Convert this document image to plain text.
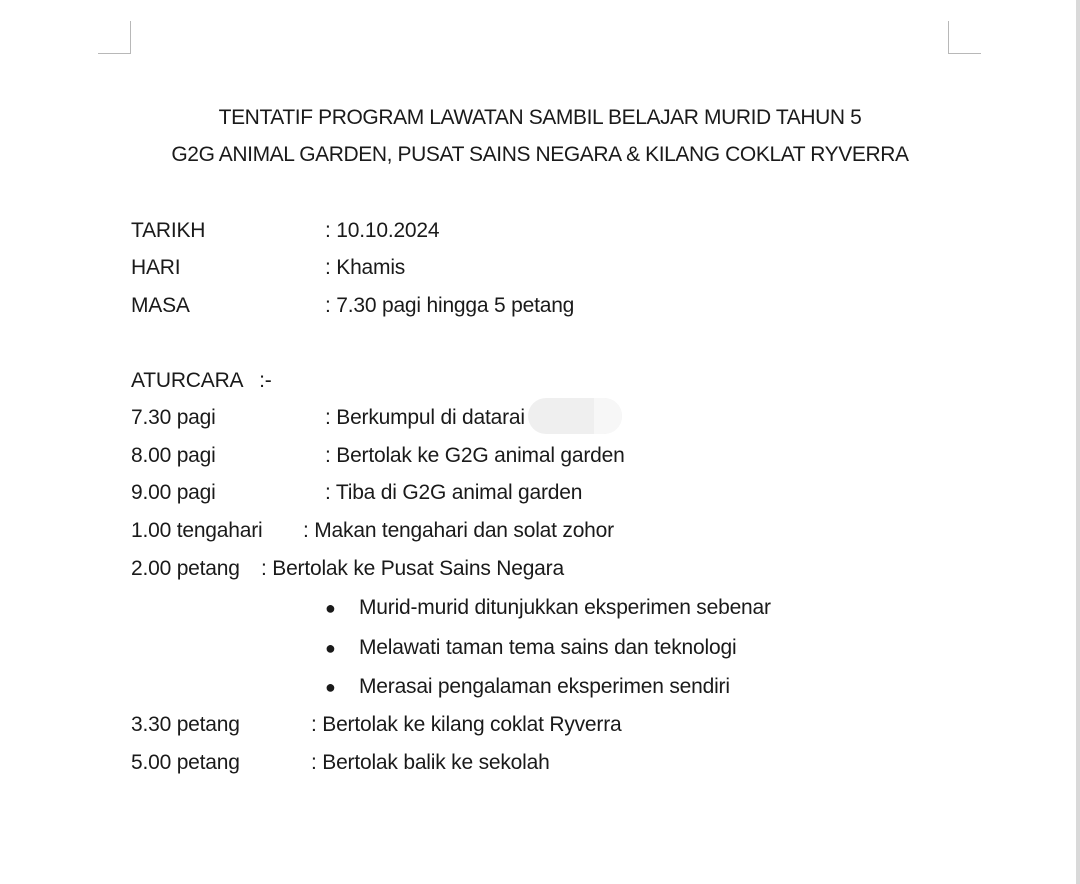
TENTATIF PROGRAM LAWATAN SAMBIL BELAJAR MURID TAHUN 5
G2G ANIMAL GARDEN, PUSAT SAINS NEGARA & KILANG COKLAT RYVERRA
TARIKH	: 10.10.2024
HARI	: Khamis
MASA	: 7.30 pagi hingga 5 petang
ATURCARA   :-
7.30 pagi	: Berkumpul di datarai
8.00 pagi	: Bertolak ke G2G animal garden
9.00 pagi	: Tiba di G2G animal garden
1.00 tengahari : Makan tengahari dan solat zohor
2.00 petang : Bertolak ke Pusat Sains Negara
● Murid-murid ditunjukkan eksperimen sebenar
● Melawati taman tema sains dan teknologi
● Merasai pengalaman eksperimen sendiri
3.30 petang	: Bertolak ke kilang coklat Ryverra
5.00 petang	: Bertolak balik ke sekolah
